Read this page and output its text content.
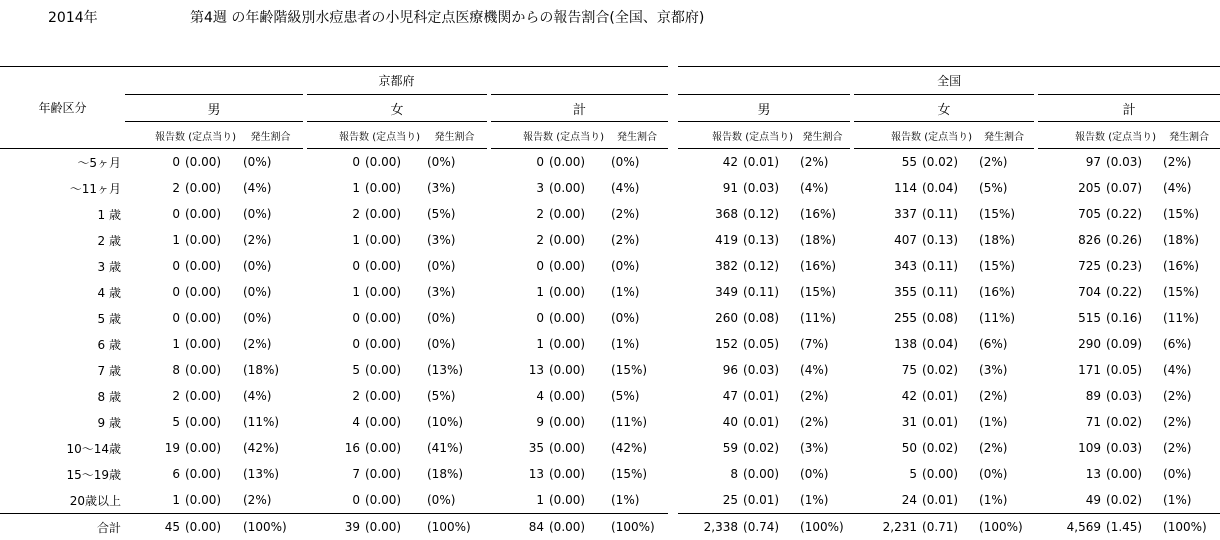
2014年	第4週 の年齢階級別水痘患者の小児科定点医療機関からの報告割合(全国、京都府)
年齢区分	京都府										全国								
	男			女			計				男			女			計		
	報告数 (定点当り)		発生割合	報告数 (定点当り)		発生割合	報告数 (定点当り)		発生割合		報告数 (定点当り)		発生割合	報告数 (定点当り)		発生割合	報告数 (定点当り)		発生割合
～5ヶ月	0	(0.00)	(0%)	0	(0.00)	(0%)	0	(0.00)	(0%)		42	(0.01)	(2%)	55	(0.02)	(2%)	97	(0.03)	(2%)
～11ヶ月	2	(0.00)	(4%)	1	(0.00)	(3%)	3	(0.00)	(4%)		91	(0.03)	(4%)	114	(0.04)	(5%)	205	(0.07)	(4%)
1 歳	0	(0.00)	(0%)	2	(0.00)	(5%)	2	(0.00)	(2%)		368	(0.12)	(16%)	337	(0.11)	(15%)	705	(0.22)	(15%)
2 歳	1	(0.00)	(2%)	1	(0.00)	(3%)	2	(0.00)	(2%)		419	(0.13)	(18%)	407	(0.13)	(18%)	826	(0.26)	(18%)
3 歳	0	(0.00)	(0%)	0	(0.00)	(0%)	0	(0.00)	(0%)		382	(0.12)	(16%)	343	(0.11)	(15%)	725	(0.23)	(16%)
4 歳	0	(0.00)	(0%)	1	(0.00)	(3%)	1	(0.00)	(1%)		349	(0.11)	(15%)	355	(0.11)	(16%)	704	(0.22)	(15%)
5 歳	0	(0.00)	(0%)	0	(0.00)	(0%)	0	(0.00)	(0%)		260	(0.08)	(11%)	255	(0.08)	(11%)	515	(0.16)	(11%)
6 歳	1	(0.00)	(2%)	0	(0.00)	(0%)	1	(0.00)	(1%)		152	(0.05)	(7%)	138	(0.04)	(6%)	290	(0.09)	(6%)
7 歳	8	(0.00)	(18%)	5	(0.00)	(13%)	13	(0.00)	(15%)		96	(0.03)	(4%)	75	(0.02)	(3%)	171	(0.05)	(4%)
8 歳	2	(0.00)	(4%)	2	(0.00)	(5%)	4	(0.00)	(5%)		47	(0.01)	(2%)	42	(0.01)	(2%)	89	(0.03)	(2%)
9 歳	5	(0.00)	(11%)	4	(0.00)	(10%)	9	(0.00)	(11%)		40	(0.01)	(2%)	31	(0.01)	(1%)	71	(0.02)	(2%)
10～14歳	19	(0.00)	(42%)	16	(0.00)	(41%)	35	(0.00)	(42%)		59	(0.02)	(3%)	50	(0.02)	(2%)	109	(0.03)	(2%)
15～19歳	6	(0.00)	(13%)	7	(0.00)	(18%)	13	(0.00)	(15%)		8	(0.00)	(0%)	5	(0.00)	(0%)	13	(0.00)	(0%)
20歳以上	1	(0.00)	(2%)	0	(0.00)	(0%)	1	(0.00)	(1%)		25	(0.01)	(1%)	24	(0.01)	(1%)	49	(0.02)	(1%)
合計	45	(0.00)	(100%)	39	(0.00)	(100%)	84	(0.00)	(100%)		2,338	(0.74)	(100%)	2,231	(0.71)	(100%)	4,569	(1.45)	(100%)
